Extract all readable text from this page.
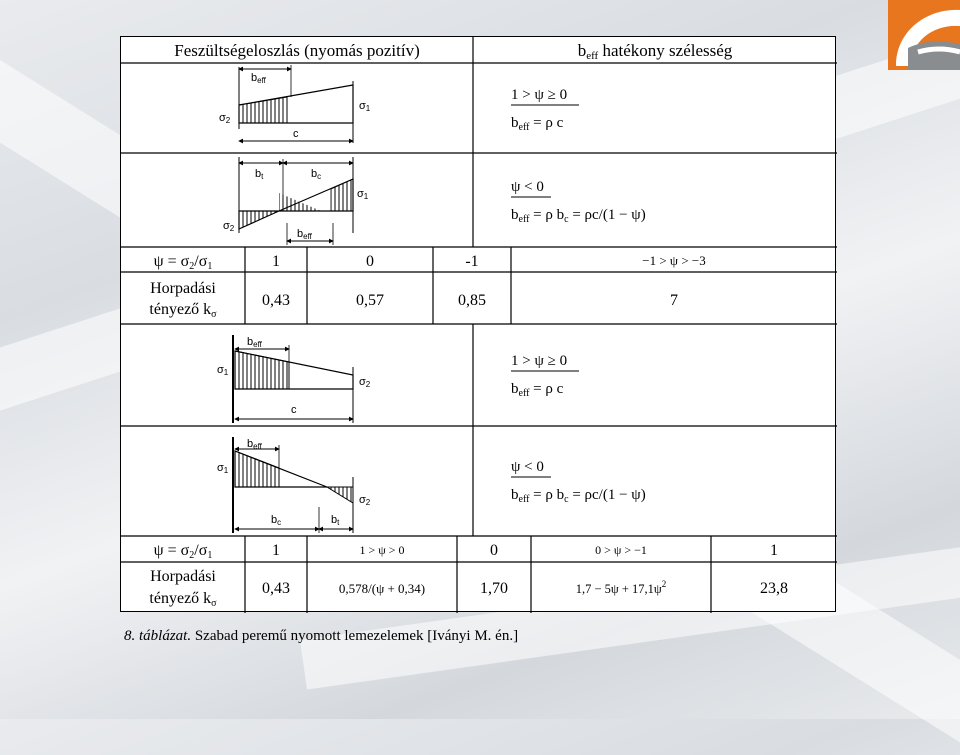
Feszültségeloszlás (nyomás pozitív)	beff hatékony szélesség
beff
c
σ2
σ1
bt	bc
beff
σ2
σ1
1 > ψ ≥ 0
$b_{eff} = \rho$ c
ψ < 0
$b_{eff} = \rho$ $b_c = \rho c/(1 - \psi)$
ψ = σ2/σ1	1	0	-1	−1 > ψ > −3
Horpadási
tényező kσ
0,43	0,57	0,85	7
beff
c
σ1
σ2
beff
bc	bt
σ1
σ2
1 > ψ ≥ 0
$b_{eff} = \rho$ c
ψ < 0
$b_{eff} = \rho$ $b_c = \rho c/(1 - \psi)$
ψ = σ2/σ1	1	1 > ψ > 0	0	0 > ψ > −1	1
Horpadási
tényező kσ
0,43	0,578/(ψ + 0,34)	1,70	$1,7 - 5\psi + 17,1\psi^2$	23,8
8. táblázat. Szabad peremű nyomott lemezelemek [Iványi M. én.]
